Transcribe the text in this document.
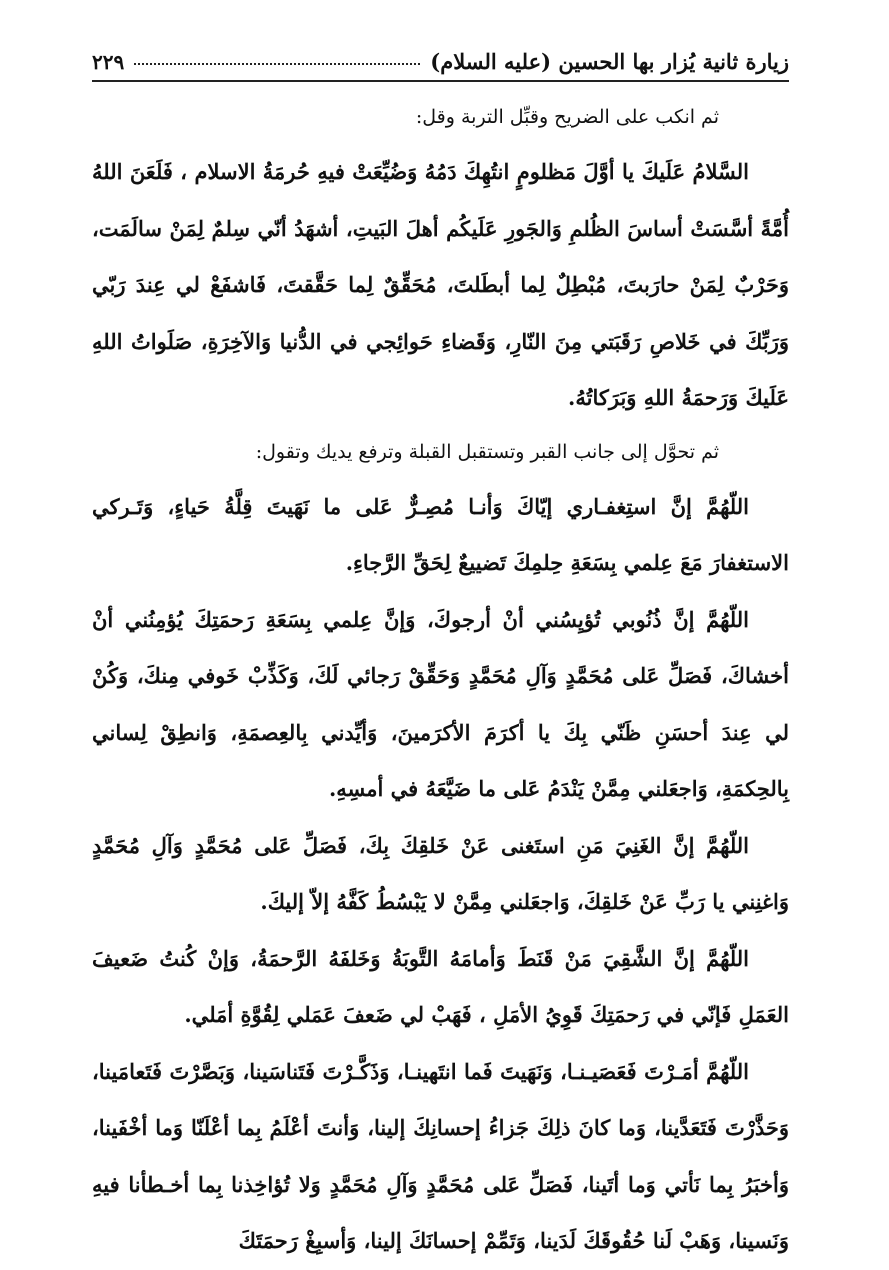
زيارة ثانية يُزار بها الحسين (عليه السلام)
٢٢٩

ثم انكب على الضريح وقبِّل التربة وقل:

السَّلامُ عَلَيكَ يا أوَّلَ مَظلومٍ انتُهِكَ دَمُهُ وَضُيِّعَتْ فيهِ حُرمَةُ الاسلام ، فَلَعَنَ اللهُ أُمَّةً أسَّسَتْ أساسَ الظُلمِ وَالجَورِ عَلَيكُم أهلَ البَيتِ، أشهَدُ أنّي سِلمٌ لِمَنْ سالَمَت، وَحَرْبٌ لِمَنْ حارَبتَ، مُبْطِلٌ لِما أبطَلتَ، مُحَقِّقٌ لِما حَقَّقتَ، فَاشفَعْ لي عِندَ رَبّي وَرَبِّكَ في خَلاصِ رَقَبَتي مِنَ النّارِ، وَقَضاءِ حَوائِجي في الدُّنيا وَالآخِرَةِ، صَلَواتُ اللهِ عَلَيكَ وَرَحمَةُ اللهِ وَبَرَكاتُهُ.

ثم تحوَّل إلى جانب القبر وتستقبل القبلة وترفع يديك وتقول:

اللّهُمَّ إنَّ استِغفـاري إيّاكَ وَأنـا مُصِـرٌّ عَلى ما نَهَيتَ قِلَّةُ حَياءٍ، وَتَـركي الاستغفارَ مَعَ عِلمي بِسَعَةِ حِلمِكَ تَضييعٌ لِحَقِّ الرَّجاءِ.

اللّهُمَّ إنَّ ذُنُوبي تُؤيِسُني أنْ أرجوكَ، وَإنَّ عِلمي بِسَعَةِ رَحمَتِكَ يُؤمِنُني أنْ أخشاكَ، فَصَلِّ عَلى مُحَمَّدٍ وَآلِ مُحَمَّدٍ وَحَقِّقْ رَجائي لَكَ، وَكَذِّبْ خَوفي مِنكَ، وَكُنْ لي عِندَ أحسَنِ ظَنّي بِكَ يا أكرَمَ الأكرَمينَ، وَأيِّدني بِالعِصمَةِ، وَانطِقْ لِساني بِالحِكمَةِ، وَاجعَلني مِمَّنْ يَنْدَمُ عَلى ما ضَيَّعَهُ في أمسِهِ.

اللّهُمَّ إنَّ الغَنِيَ مَنِ استَغنى عَنْ خَلقِكَ بِكَ، فَصَلِّ عَلى مُحَمَّدٍ وَآلِ مُحَمَّدٍ وَاغنِني يا رَبِّ عَنْ خَلقِكَ، وَاجعَلني مِمَّنْ لا يَبْسُطُ كَفَّهُ إلاّ إليكَ.

اللّهُمَّ إنَّ الشَّقِيَ مَنْ قَنَطَ وَأمامَهُ التَّوبَةُ وَخَلفَهُ الرَّحمَةُ، وَإنْ كُنتُ ضَعيفَ العَمَلِ فَإنّي في رَحمَتِكَ قَوِيُ الأمَلِ ، فَهَبْ لي ضَعفَ عَمَلي لِقُوَّةِ أمَلي.

اللّهُمَّ أمَـرْتَ فَعَصَيـنـا، وَنَهَيتَ فَما انتَهينـا، وَذَكَّـرْتَ فَتَناسَينا، وَبَصَّرْتَ فَتَعامَينا، وَحَذَّرْتَ فَتَعَدَّينا، وَما كانَ ذلِكَ جَزاءُ إحسانِكَ إلينا، وَأنتَ أعْلَمُ بِما أعْلَنّا وَما أخْفَينا، وَأخبَرُ بِما نَأتي وَما أتَينا، فَصَلِّ عَلى مُحَمَّدٍ وَآلِ مُحَمَّدٍ وَلا تُؤاخِذنا بِما أخـطأنا فيهِ وَنَسينا، وَهَبْ لَنا حُقُوقَكَ لَدَينا، وَتَمِّمْ إحسانَكَ إلينا، وَأسبِغْ رَحمَتَكَ
